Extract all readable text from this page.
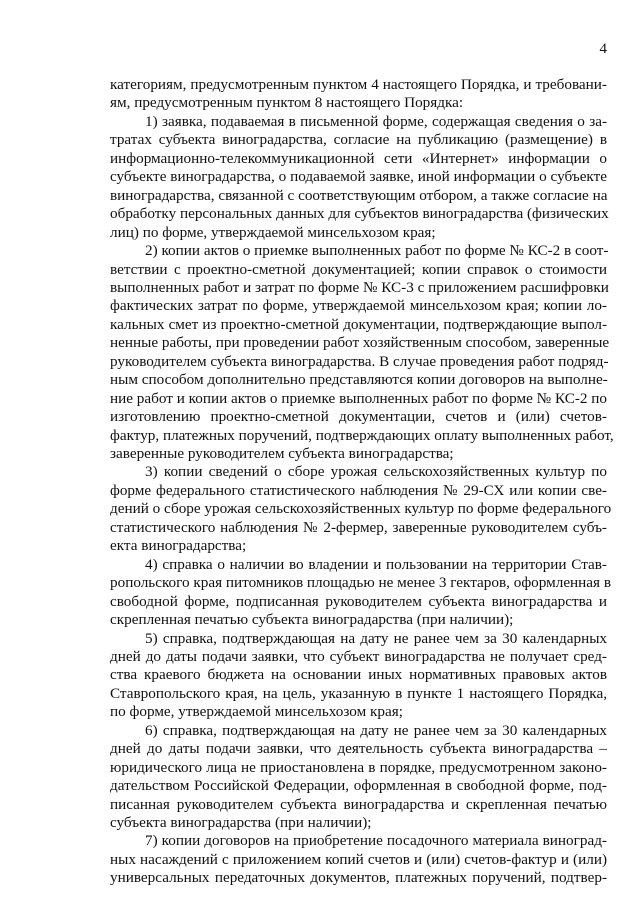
4
категориям, предусмотренным пунктом 4 настоящего Порядка, и требовани-
ям, предусмотренным пунктом 8 настоящего Порядка:
1) заявка, подаваемая в письменной форме, содержащая сведения о за-
тратах субъекта виноградарства, согласие на публикацию (размещение) в
информационно-телекоммуникационной сети «Интернет» информации о
субъекте виноградарства, о подаваемой заявке, иной информации о субъекте
виноградарства, связанной с соответствующим отбором, а также согласие на
обработку персональных данных для субъектов виноградарства (физических
лиц) по форме, утверждаемой минсельхозом края;
2) копии актов о приемке выполненных работ по форме № КС-2 в соот-
ветствии с проектно-сметной документацией; копии справок о стоимости
выполненных работ и затрат по форме № КС-3 с приложением расшифровки
фактических затрат по форме, утверждаемой минсельхозом края; копии ло-
кальных смет из проектно-сметной документации, подтверждающие выпол-
ненные работы, при проведении работ хозяйственным способом, заверенные
руководителем субъекта виноградарства. В случае проведения работ подряд-
ным способом дополнительно представляются копии договоров на выполне-
ние работ и копии актов о приемке выполненных работ по форме № КС-2 по
изготовлению проектно-сметной документации, счетов и (или) счетов-
фактур, платежных поручений, подтверждающих оплату выполненных работ,
заверенные руководителем субъекта виноградарства;
3) копии сведений о сборе урожая сельскохозяйственных культур по
форме федерального статистического наблюдения № 29-СХ или копии све-
дений о сборе урожая сельскохозяйственных культур по форме федерального
статистического наблюдения № 2-фермер, заверенные руководителем субъ-
екта виноградарства;
4) справка о наличии во владении и пользовании на территории Став-
ропольского края питомников площадью не менее 3 гектаров, оформленная в
свободной форме, подписанная руководителем субъекта виноградарства и
скрепленная печатью субъекта виноградарства (при наличии);
5) справка, подтверждающая на дату не ранее чем за 30 календарных
дней до даты подачи заявки, что субъект виноградарства не получает сред-
ства краевого бюджета на основании иных нормативных правовых актов
Ставропольского края, на цель, указанную в пункте 1 настоящего Порядка,
по форме, утверждаемой минсельхозом края;
6) справка, подтверждающая на дату не ранее чем за 30 календарных
дней до даты подачи заявки, что деятельность субъекта виноградарства –
юридического лица не приостановлена в порядке, предусмотренном законо-
дательством Российской Федерации, оформленная в свободной форме, под-
писанная руководителем субъекта виноградарства и скрепленная печатью
субъекта виноградарства (при наличии);
7) копии договоров на приобретение посадочного материала виноград-
ных насаждений с приложением копий счетов и (или) счетов-фактур и (или)
универсальных передаточных документов, платежных поручений, подтвер-
